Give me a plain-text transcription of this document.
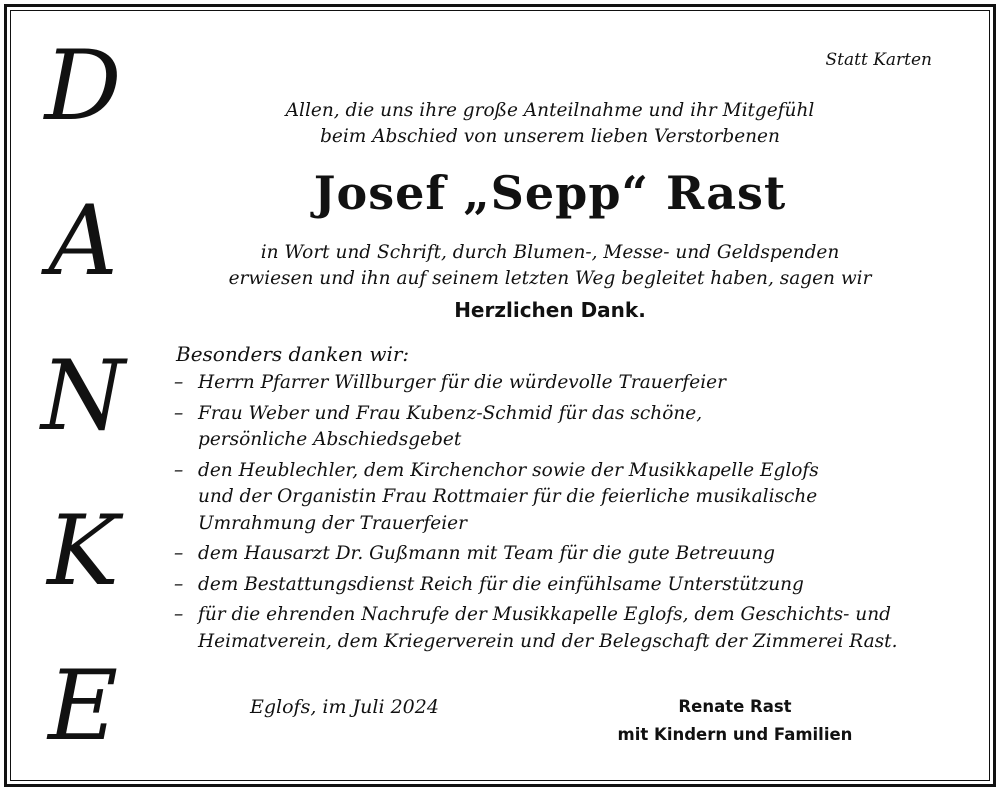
D
A
N
K
E
Statt Karten
Allen, die uns ihre große Anteilnahme und ihr Mitgefühl
beim Abschied von unserem lieben Verstorbenen
Josef „Sepp“ Rast
in Wort und Schrift, durch Blumen-, Messe- und Geldspenden
erwiesen und ihn auf seinem letzten Weg begleitet haben, sagen wir
Herzlichen Dank.
Besonders danken wir:
– Herrn Pfarrer Willburger für die würdevolle Trauerfeier
– Frau Weber und Frau Kubenz-Schmid für das schöne,
persönliche Abschiedsgebet
– den Heublechler, dem Kirchenchor sowie der Musikkapelle Eglofs
und der Organistin Frau Rottmaier für die feierliche musikalische
Umrahmung der Trauerfeier
– dem Hausarzt Dr. Gußmann mit Team für die gute Betreuung
– dem Bestattungsdienst Reich für die einfühlsame Unterstützung
– für die ehrenden Nachrufe der Musikkapelle Eglofs, dem Geschichts- und
Heimatverein, dem Kriegerverein und der Belegschaft der Zimmerei Rast.
Eglofs, im Juli 2024	Renate Rast
mit Kindern und Familien
